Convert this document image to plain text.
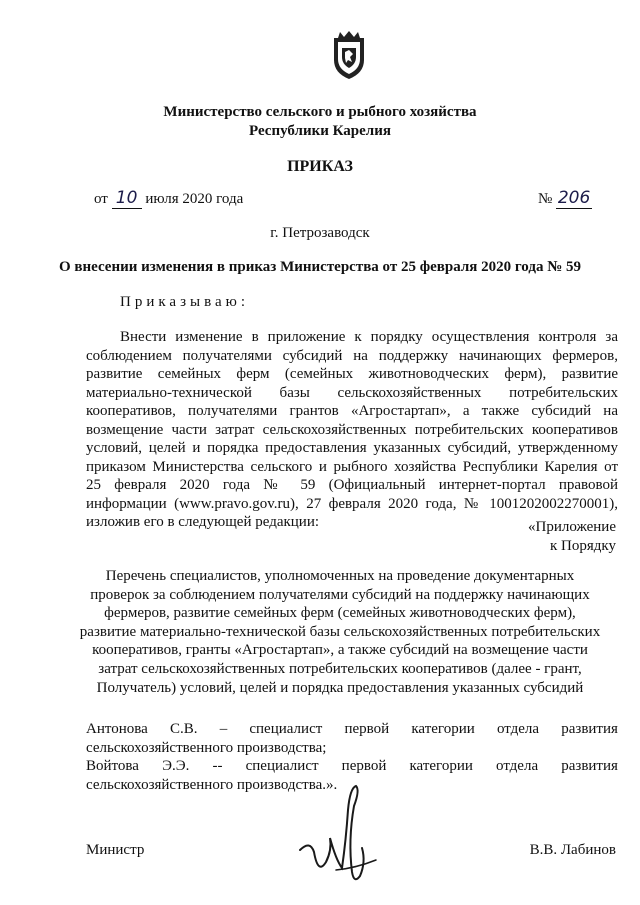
Министерство сельского и рыбного хозяйства
Республики Карелия
ПРИКАЗ
от 10 июля 2020 года	№ 206
г. Петрозаводск
О внесении изменения в приказ Министерства от 25 февраля 2020 года № 59
Приказываю:
Внести изменение в приложение к порядку осуществления контроля за
соблюдением получателями субсидий на поддержку начинающих фермеров,
развитие семейных ферм (семейных животноводческих ферм), развитие
материально-технической базы сельскохозяйственных потребительских
кооперативов, получателями грантов «Агростартап», а также субсидий на
возмещение части затрат сельскохозяйственных потребительских кооперативов
условий, целей и порядка предоставления указанных субсидий, утвержденному
приказом Министерства сельского и рыбного хозяйства Республики Карелия от
25 февраля 2020 года № 59 (Официальный интернет-портал правовой
информации (www.pravo.gov.ru), 27 февраля 2020 года, № 1001202002270001),
изложив его в следующей редакции:	«Приложение
к Порядку
Перечень специалистов, уполномоченных на проведение документарных
проверок за соблюдением получателями субсидий на поддержку начинающих
фермеров, развитие семейных ферм (семейных животноводческих ферм),
развитие материально-технической базы сельскохозяйственных потребительских
кооперативов, гранты «Агростартап», а также субсидий на возмещение части
затрат сельскохозяйственных потребительских кооперативов (далее - грант,
Получатель) условий, целей и порядка предоставления указанных субсидий
Антонова С.В. – специалист первой категории отдела развития
сельскохозяйственного производства;
Войтова Э.Э. -- специалист первой категории отдела развития
сельскохозяйственного производства.».
Министр	В.В. Лабинов
